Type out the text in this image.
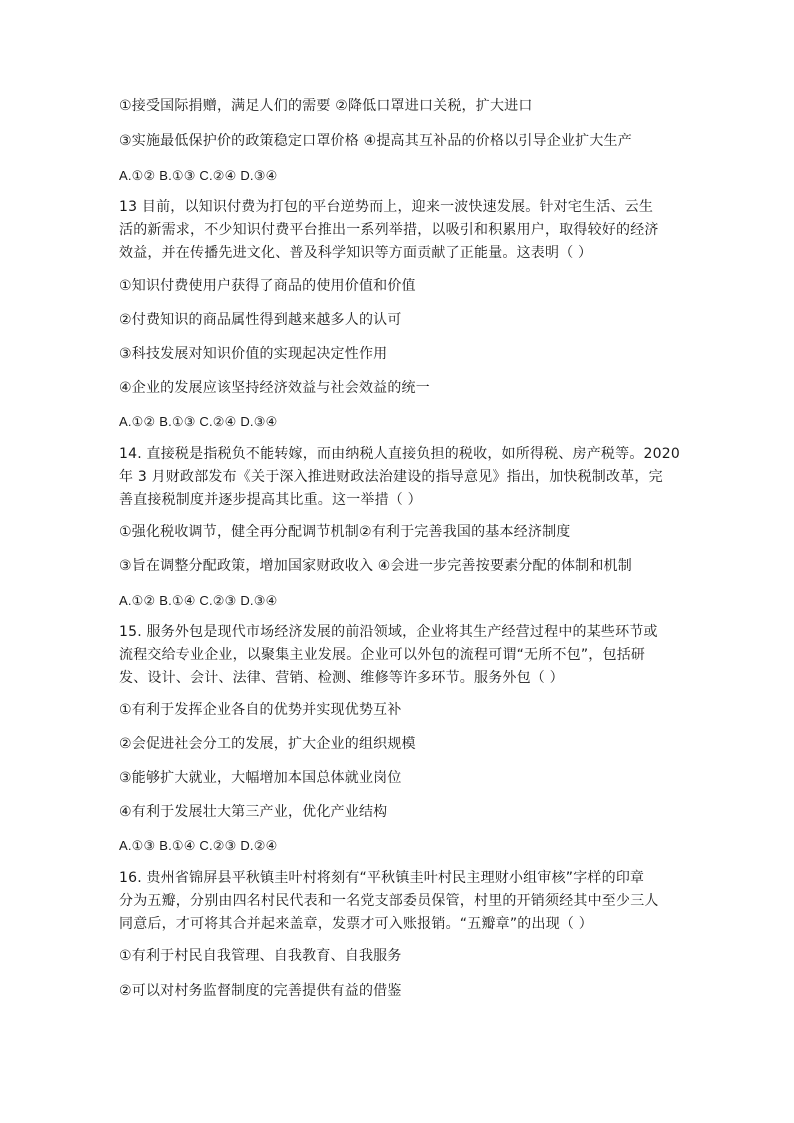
①接受国际捐赠，满足人们的需要 ②降低口罩进口关税，扩大进口
③实施最低保护价的政策稳定口罩价格 ④提高其互补品的价格以引导企业扩大生产
A.①② B.①③ C.②④ D.③④
13 目前，以知识付费为打包的平台逆势而上，迎来一波快速发展。针对宅生活、云生
活的新需求，不少知识付费平台推出一系列举措，以吸引和积累用户，取得较好的经济
效益，并在传播先进文化、普及科学知识等方面贡献了正能量。这表明（ ）
①知识付费使用户获得了商品的使用价值和价值
②付费知识的商品属性得到越来越多人的认可
③科技发展对知识价值的实现起决定性作用
④企业的发展应该坚持经济效益与社会效益的统一
A.①② B.①③ C.②④ D.③④
14. 直接税是指税负不能转嫁，而由纳税人直接负担的税收，如所得税、房产税等。2020
年 3 月财政部发布《关于深入推进财政法治建设的指导意见》指出，加快税制改革，完
善直接税制度并逐步提高其比重。这一举措（ ）
①强化税收调节，健全再分配调节机制②有利于完善我国的基本经济制度
③旨在调整分配政策，增加国家财政收入 ④会进一步完善按要素分配的体制和机制
A.①② B.①④ C.②③ D.③④
15. 服务外包是现代市场经济发展的前沿领域，企业将其生产经营过程中的某些环节或
流程交给专业企业，以聚集主业发展。企业可以外包的流程可谓“无所不包”，包括研
发、设计、会计、法律、营销、检测、维修等许多环节。服务外包（ ）
①有利于发挥企业各自的优势并实现优势互补
②会促进社会分工的发展，扩大企业的组织规模
③能够扩大就业，大幅增加本国总体就业岗位
④有利于发展壮大第三产业，优化产业结构
A.①③ B.①④ C.②③ D.②④
16. 贵州省锦屏县平秋镇圭叶村将刻有“平秋镇圭叶村民主理财小组审核”字样的印章
分为五瓣，分别由四名村民代表和一名党支部委员保管，村里的开销须经其中至少三人
同意后，才可将其合并起来盖章，发票才可入账报销。“五瓣章”的出现（ ）
①有利于村民自我管理、自我教育、自我服务
②可以对村务监督制度的完善提供有益的借鉴
